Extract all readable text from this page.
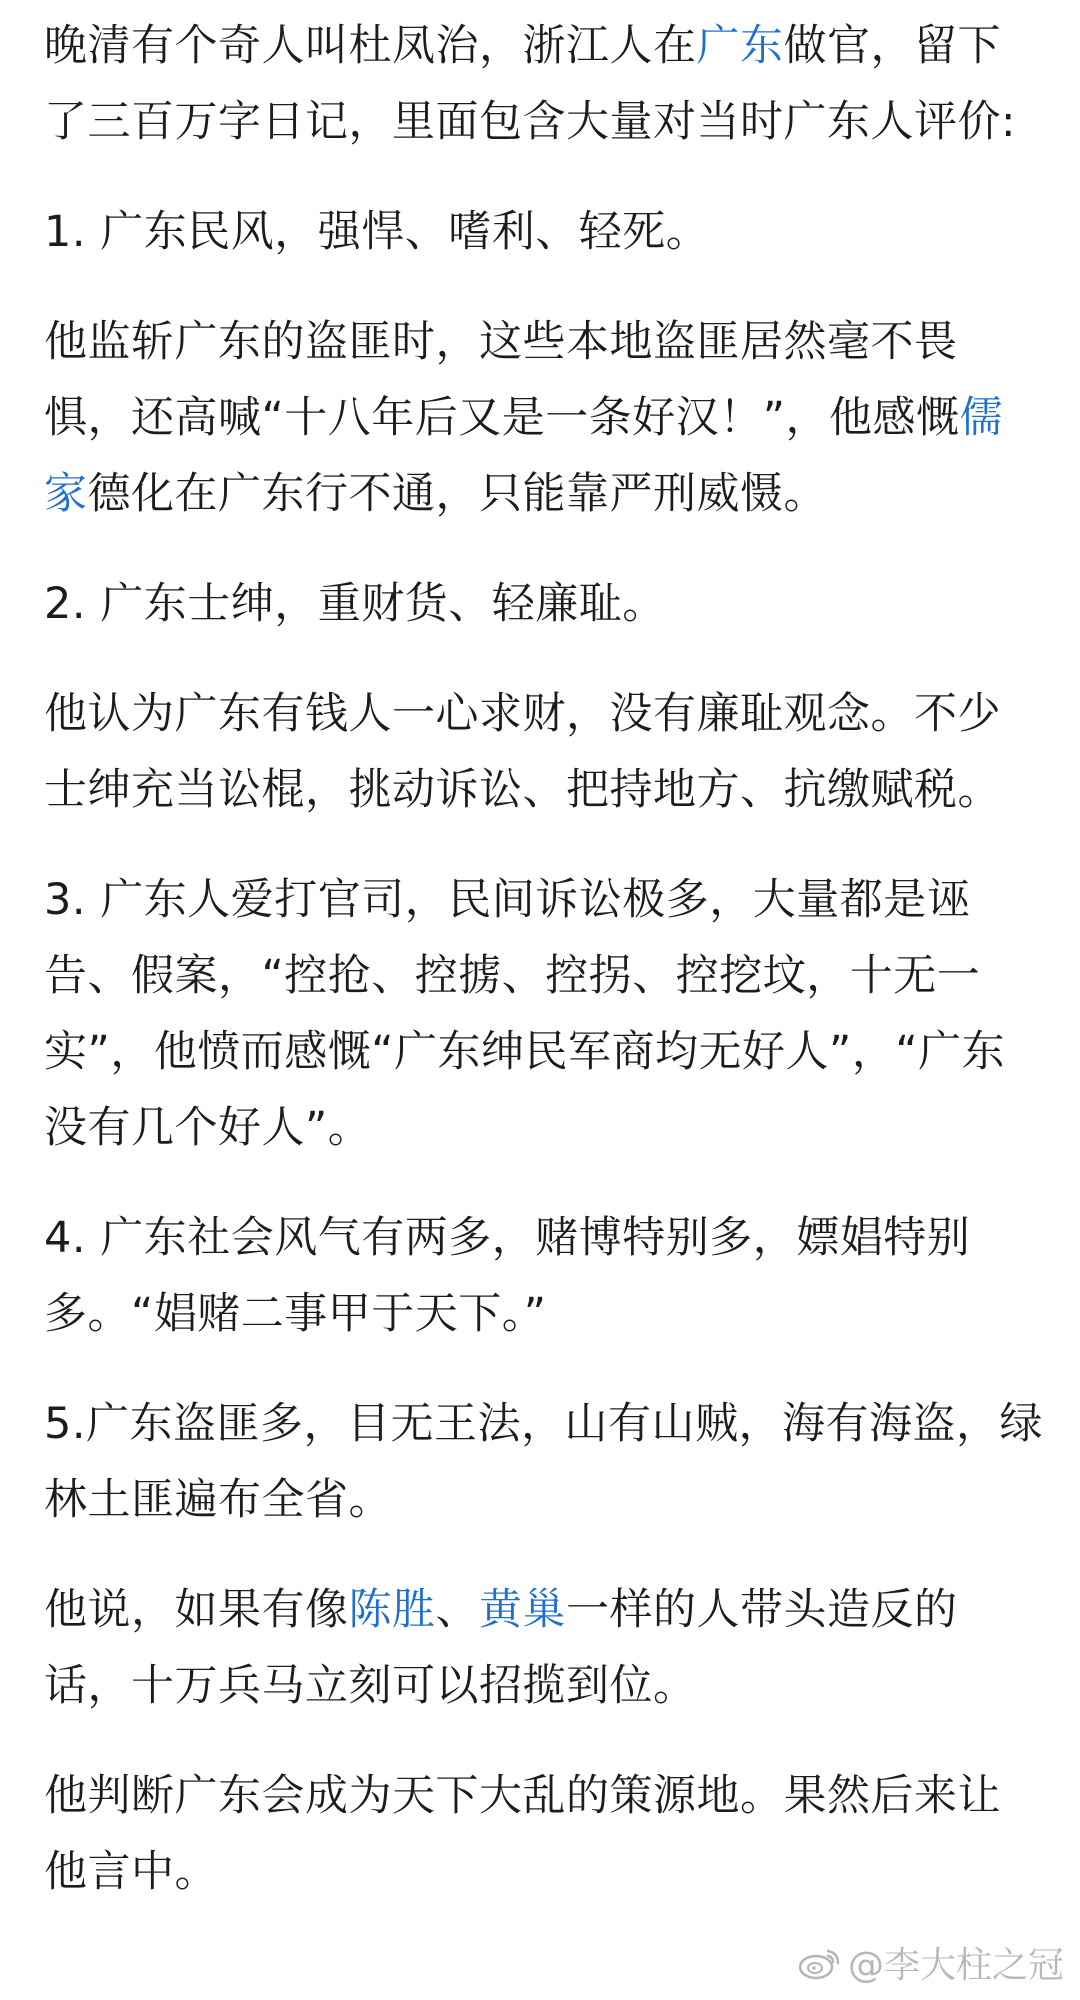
晚清有个奇人叫杜凤治，浙江人在广东做官，留下了三百万字日记，里面包含大量对当时广东人评价:

1. 广东民风，强悍、嗜利、轻死。

他监斩广东的盗匪时，这些本地盗匪居然毫不畏惧，还高喊“十八年后又是一条好汉！”，他感慨儒家德化在广东行不通，只能靠严刑威慑。

2. 广东士绅，重财货、轻廉耻。

他认为广东有钱人一心求财，没有廉耻观念。不少士绅充当讼棍，挑动诉讼、把持地方、抗缴赋税。

3. 广东人爱打官司，民间诉讼极多，大量都是诬告、假案，“控抢、控掳、控拐、控挖坟，十无一实”，他愤而感慨“广东绅民军商均无好人”，“广东没有几个好人”。

4. 广东社会风气有两多，赌博特别多，嫖娼特别多。“娼赌二事甲于天下。”

5.广东盗匪多，目无王法，山有山贼，海有海盗，绿林土匪遍布全省。

他说，如果有像陈胜、黄巢一样的人带头造反的话，十万兵马立刻可以招揽到位。

他判断广东会成为天下大乱的策源地。果然后来让他言中。

@李大柱之冠
